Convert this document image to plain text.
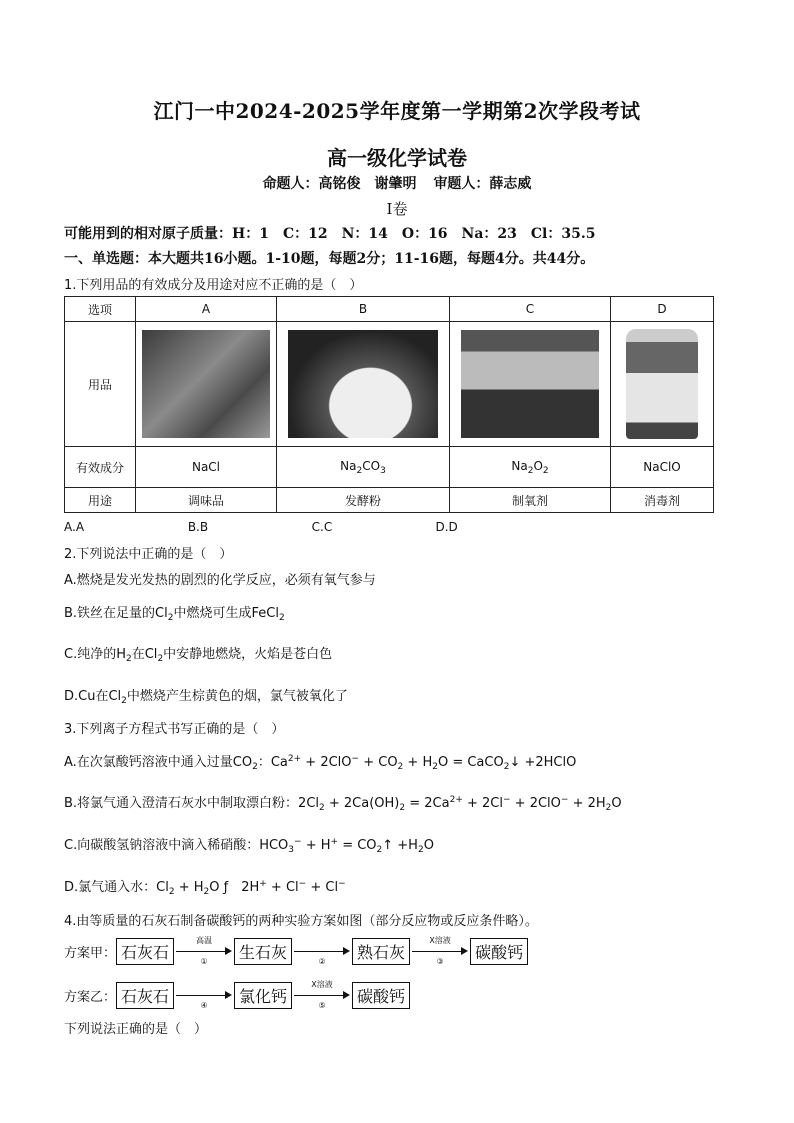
江门一中2024-2025学年度第一学期第2次学段考试
高一级化学试卷
命题人：高铭俊　谢肇明 审题人：薛志威
Ⅰ卷
可能用到的相对原子质量：H：1　C：12　N：14　O：16　Na：23　Cl：35.5
一、单选题：本大题共16小题。1-10题，每题2分；11-16题，每题4分。共44分。
1.下列用品的有效成分及用途对应不正确的是（　）
选项	A	B	C	D
用品	

有效成分	NaCl	$Na_2CO_3$	$Na_2O_2$	NaClO
用途	调味品	发酵粉	制氧剂	消毒剂
A.A	B.B	C.C	D.D
2.下列说法中正确的是（　）
A.燃烧是发光发热的剧烈的化学反应，必须有氧气参与
B.铁丝在足量的$Cl_2$中燃烧可生成FeCl$_2$
C.纯净的$H_2$在$Cl_2$中安静地燃烧，火焰是苍白色
D.Cu在$Cl_2$中燃烧产生棕黄色的烟，氯气被氧化了
3.下列离子方程式书写正确的是（　）
A.在次氯酸钙溶液中通入过量$CO_2$：$Ca^{2+} + 2ClO^- + CO_2 + H_2O$ = CaCO$_2$↓ +2HClO
B.将氯气通入澄清石灰水中制取漂白粉：$2Cl_2 + 2Ca(OH)_2 = 2Ca^{2+} + 2Cl^- + 2ClO^- + 2H_2O$
C.向碳酸氢钠溶液中滴入稀硝酸：$HCO_3^- + H^+$ = $CO_2↑ +H_2O$
D.氯气通入水：$Cl_2 + H_2O$ ƒ　2H+ + Cl− + Cl−
4.由等质量的石灰石制备碳酸钙的两种实验方案如图（部分反应物或反应条件略）。
方案甲： 石灰石
高温
①	生石灰	②	熟石灰
X溶液
③	碳酸钙
方案乙： 石灰石	④	氯化钙
X溶液
⑤	碳酸钙
下列说法正确的是（　）
